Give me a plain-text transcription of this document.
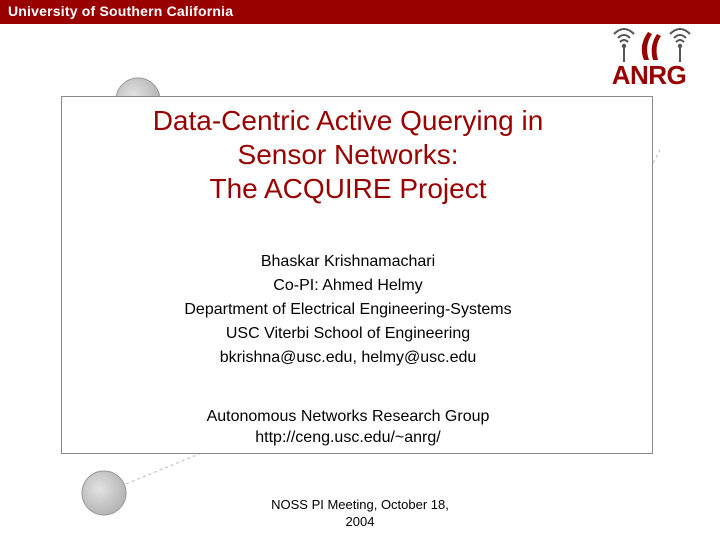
University of Southern California
ANRG
Data-Centric Active Querying in
Sensor Networks:
The ACQUIRE Project
Bhaskar Krishnamachari
Co-PI: Ahmed Helmy
Department of Electrical Engineering-Systems
USC Viterbi School of Engineering
bkrishna@usc.edu, helmy@usc.edu
Autonomous Networks Research Group
http://ceng.usc.edu/~anrg/
NOSS PI Meeting, October 18,
2004
